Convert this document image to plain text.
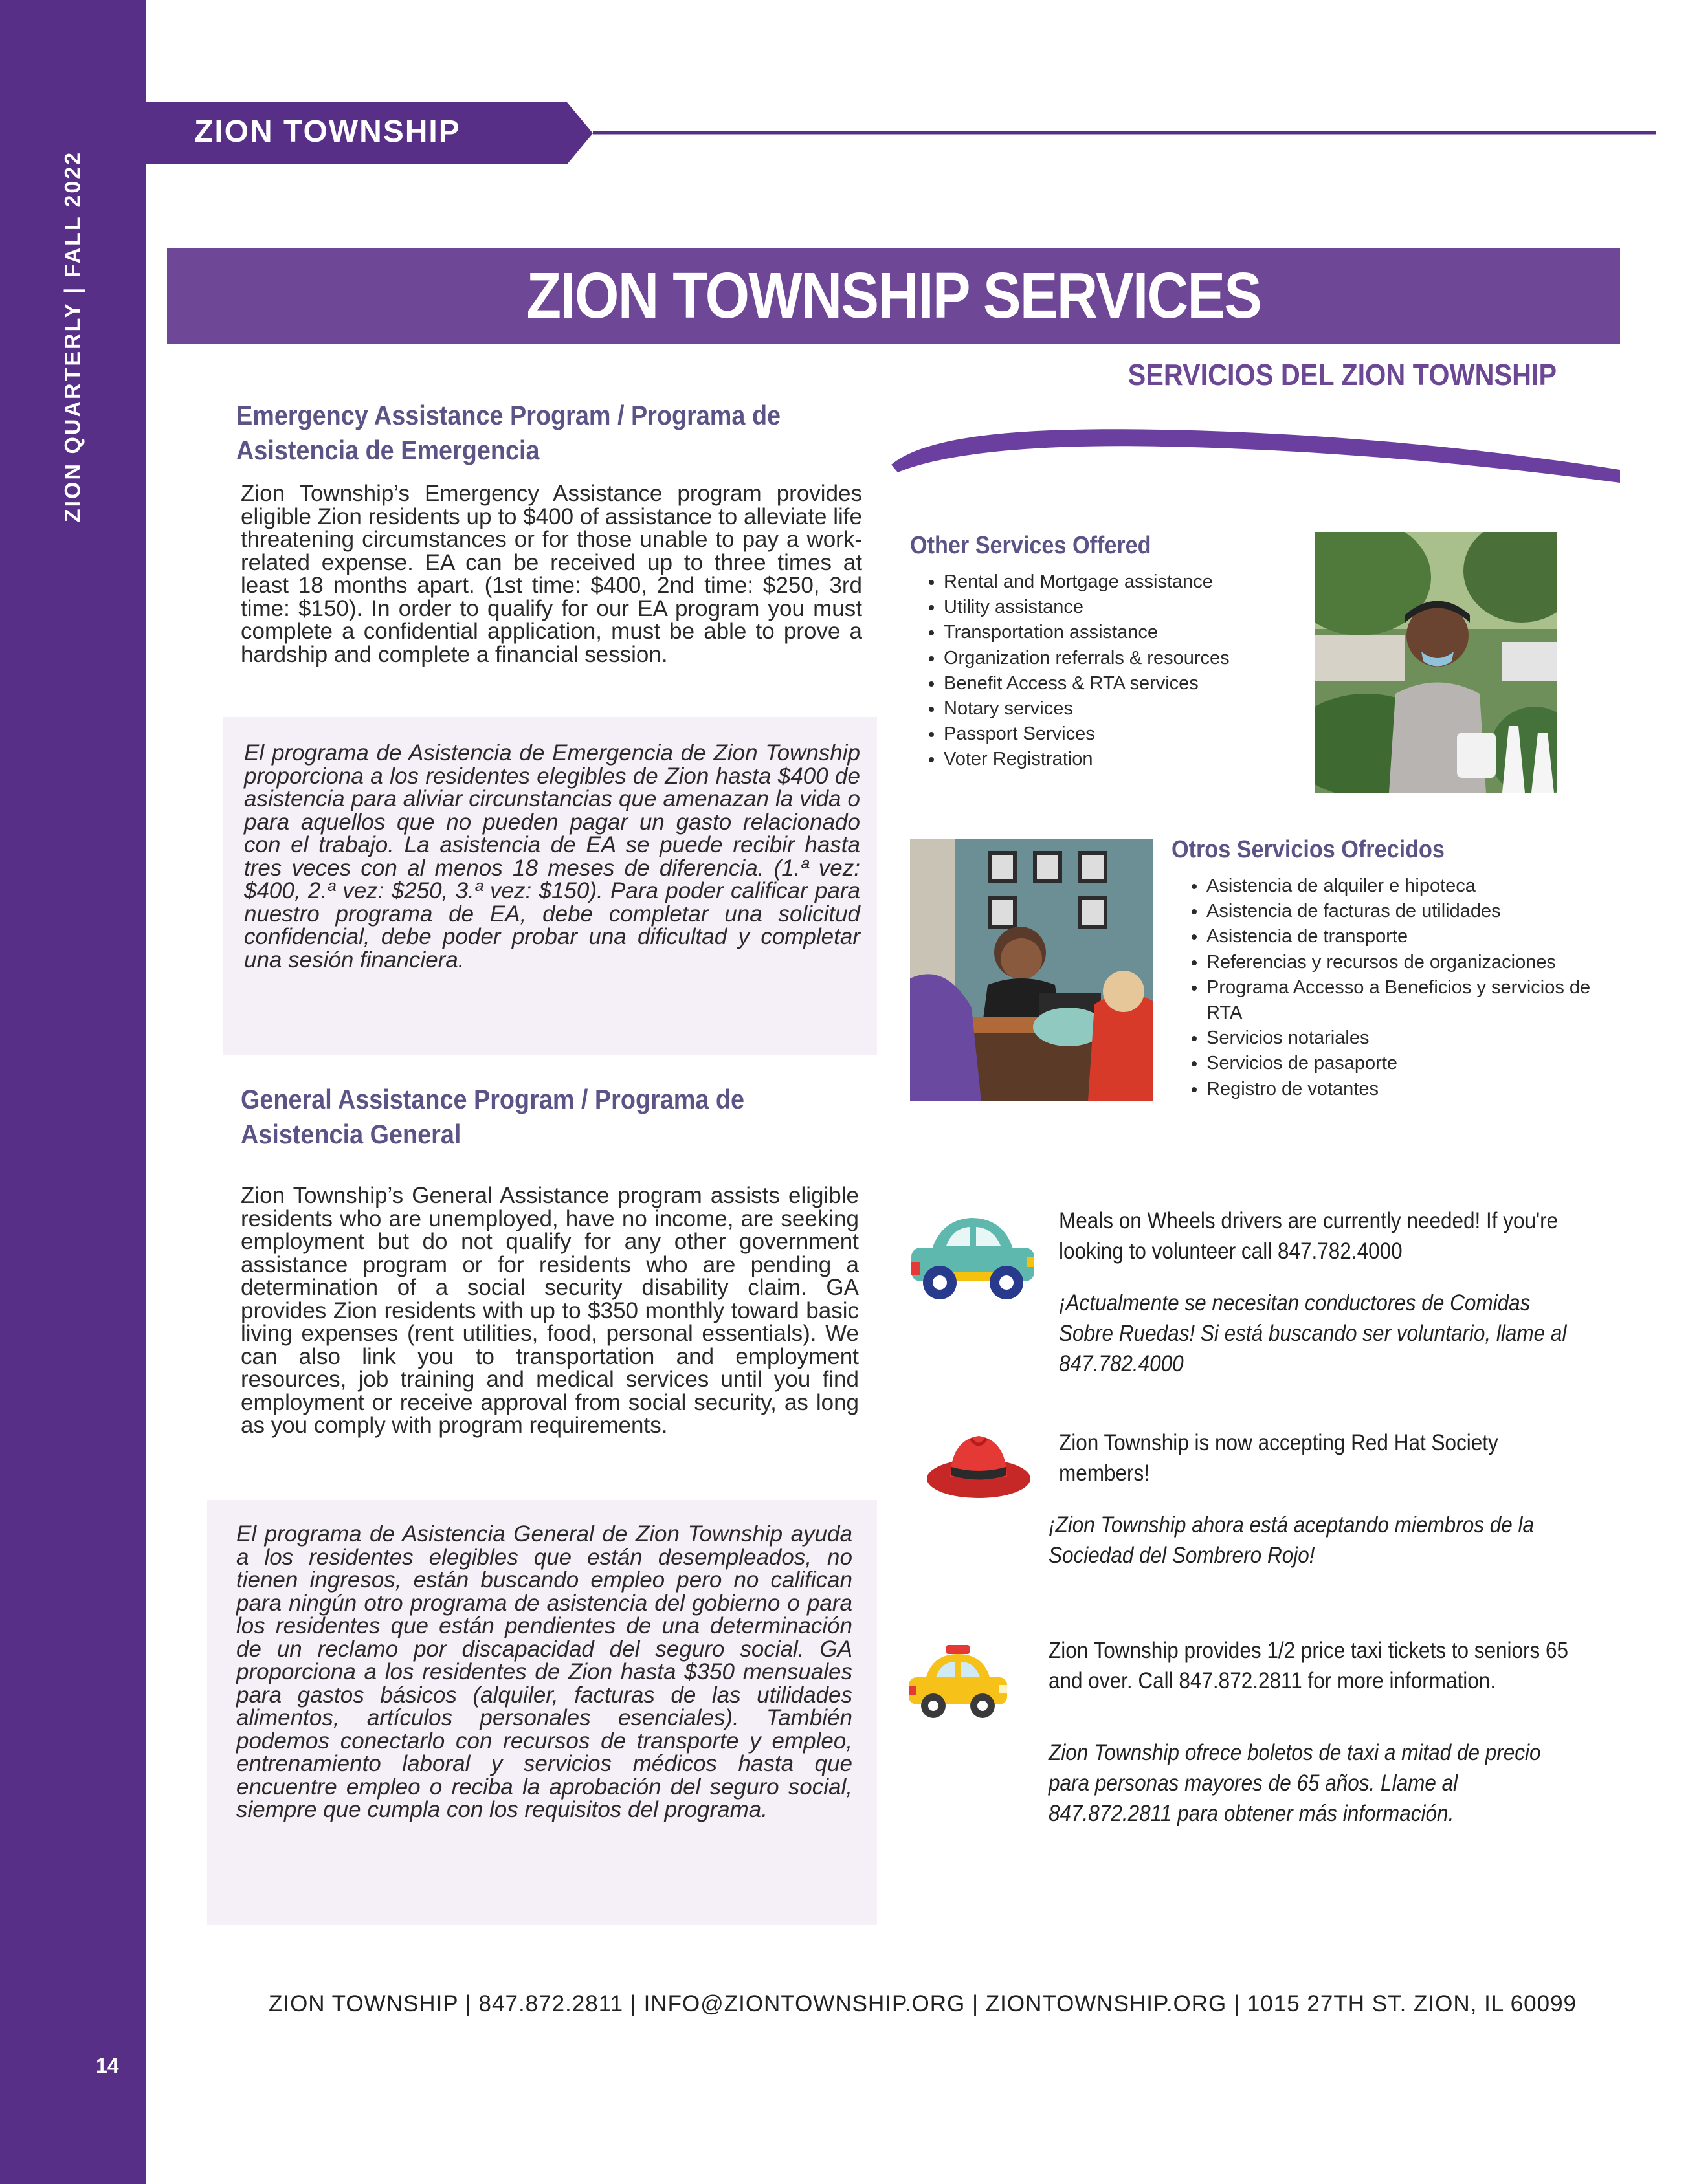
ZION QUARTERLY | FALL 2022
14
ZION TOWNSHIP
ZION TOWNSHIP SERVICES
SERVICIOS DEL ZION TOWNSHIP
Emergency Assistance Program / Programa de
Asistencia de Emergencia
Zion Township’s Emergency Assistance program provides eligible Zion residents up to $400 of assistance to alleviate life threatening circumstances or for those unable to pay a work-related expense. EA can be received up to three times at least 18 months apart. (1st time: $400, 2nd time: $250, 3rd time: $150). In order to qualify for our EA program you must complete a confidential application, must be able to prove a hardship and complete a financial session.
El programa de Asistencia de Emergencia de Zion Township proporciona a los residentes elegibles de Zion hasta $400 de asistencia para aliviar circunstancias que amenazan la vida o para aquellos que no pueden pagar un gasto relacionado con el trabajo. La asistencia de EA se puede recibir hasta tres veces con al menos 18 meses de diferencia. (1.ª vez: $400, 2.ª vez: $250, 3.ª vez: $150). Para poder calificar para nuestro programa de EA, debe completar una solicitud confidencial, debe poder probar una dificultad y completar una sesión financiera.
General Assistance Program / Programa de
Asistencia General
Zion Township’s General Assistance program assists eligible residents who are unemployed, have no income, are seeking employment but do not qualify for any other government assistance program or for residents who are pending a determination of a social security disability claim. GA provides Zion residents with up to $350 monthly toward basic living expenses (rent utilities, food, personal essentials). We can also link you to transportation and employment resources, job training and medical services until you find employment or receive approval from social security, as long as you comply with program requirements.
El programa de Asistencia General de Zion Township ayuda a los residentes elegibles que están desempleados, no tienen ingresos, están buscando empleo pero no califican para ningún otro programa de asistencia del gobierno o para los residentes que están pendientes de una determinación de un reclamo por discapacidad del seguro social. GA proporciona a los residentes de Zion hasta $350 mensuales para gastos básicos (alquiler, facturas de las utilidades alimentos, artículos personales esenciales). También podemos conectarlo con recursos de transporte y empleo, entrenamiento laboral y servicios médicos hasta que encuentre empleo o reciba la aprobación del seguro social, siempre que cumpla con los requisitos del programa.
Other Services Offered
• Rental and Mortgage assistance
• Utility assistance
• Transportation assistance
• Organization referrals & resources
• Benefit Access & RTA services
• Notary services
• Passport Services
• Voter Registration
Otros Servicios Ofrecidos
• Asistencia de alquiler e hipoteca
• Asistencia de facturas de utilidades
• Asistencia de transporte
• Referencias y recursos de organizaciones
• Programa Accesso a Beneficios y servicios de RTA
• Servicios notariales
• Servicios de pasaporte
• Registro de votantes
Meals on Wheels drivers are currently needed! If you're looking to volunteer call 847.782.4000
¡Actualmente se necesitan conductores de Comidas Sobre Ruedas! Si está buscando ser voluntario, llame al 847.782.4000
Zion Township is now accepting Red Hat Society members!
¡Zion Township ahora está aceptando miembros de la Sociedad del Sombrero Rojo!
Zion Township provides 1/2 price taxi tickets to seniors 65 and over. Call 847.872.2811 for more information.
Zion Township ofrece boletos de taxi a mitad de precio para personas mayores de 65 años. Llame al 847.872.2811 para obtener más información.
ZION TOWNSHIP | 847.872.2811 | INFO@ZIONTOWNSHIP.ORG | ZIONTOWNSHIP.ORG | 1015 27TH ST. ZION, IL 60099
